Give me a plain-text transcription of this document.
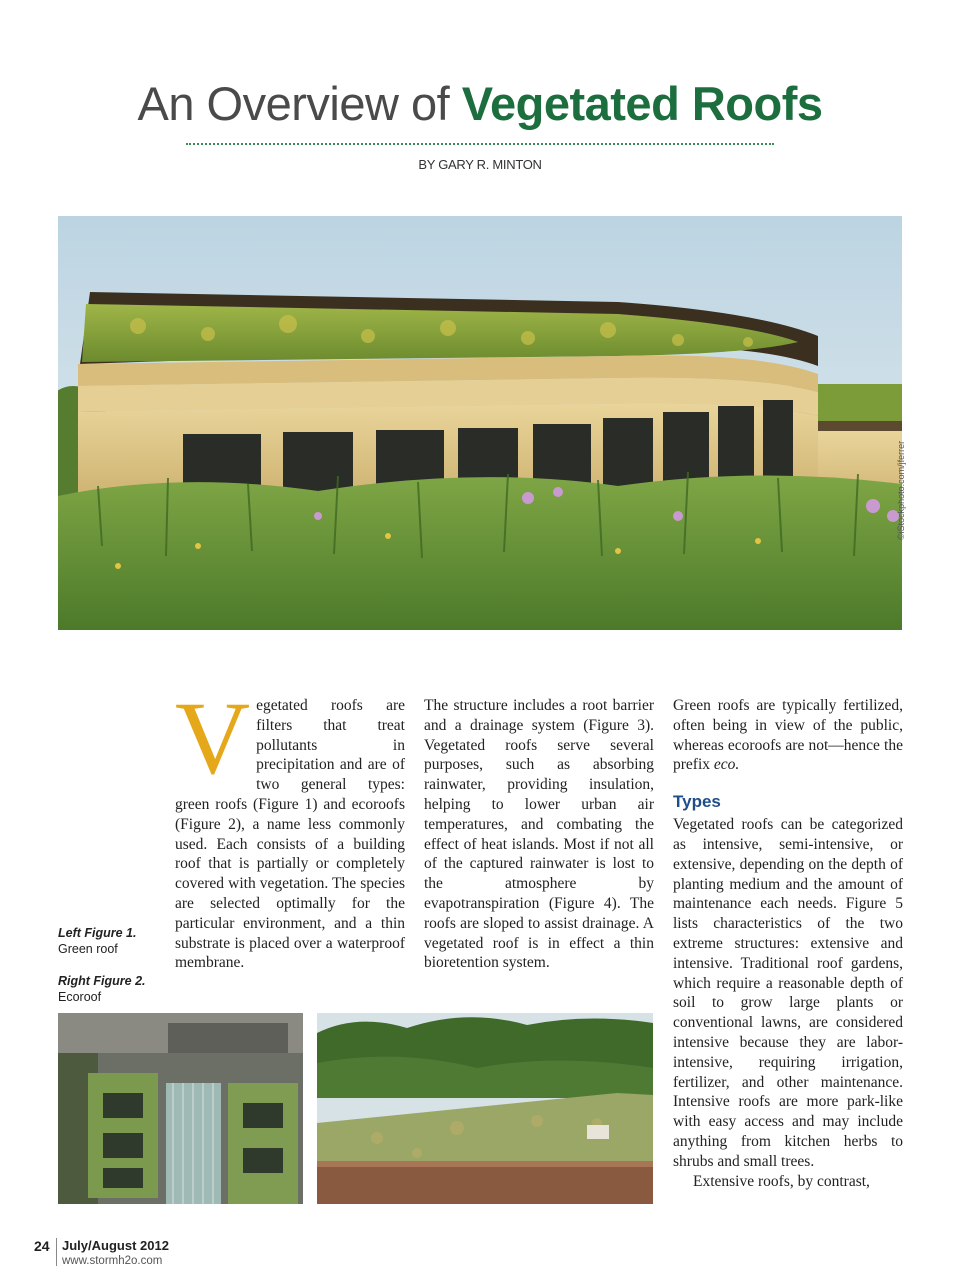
An Overview of Vegetated Roofs
BY GARY R. MINTON
©iStockphoto.com/jferrer
V egetated roofs are filters that treat pollutants in precipitation and are of two general types: green roofs (Figure 1) and ecoroofs (Figure 2), a name less commonly used. Each consists of a building roof that is partially or completely covered with vegetation. The species are selected optimally for the particular environment, and a thin substrate is placed over a waterproof membrane.

The structure includes a root barrier and a drainage system (Figure 3). Vegetated roofs serve several purposes, such as absorbing rainwater, providing insulation, helping to lower urban air temperatures, and combating the effect of heat islands. Most if not all of the captured rainwater is lost to the atmosphere by evapotranspiration (Figure 4). The roofs are sloped to assist drainage. A vegetated roof is in effect a thin bioretention system.

Green roofs are typically fertilized, often being in view of the public, whereas ecoroofs are not—hence the prefix eco.

Types

Vegetated roofs can be categorized as intensive, semi-intensive, or extensive, depending on the depth of planting medium and the amount of maintenance each needs. Figure 5 lists characteristics of the two extreme structures: extensive and intensive. Traditional roof gardens, which require a reasonable depth of soil to grow large plants or conventional lawns, are considered intensive because they are labor-intensive, requiring irrigation, fertilizer, and other maintenance. Intensive roofs are more park-like with easy access and may include anything from kitchen herbs to shrubs and small trees.

Extensive roofs, by contrast,

Left Figure 1.
Green roof
Right Figure 2.
Ecoroof
24 July/August 2012
www.stormh2o.com
